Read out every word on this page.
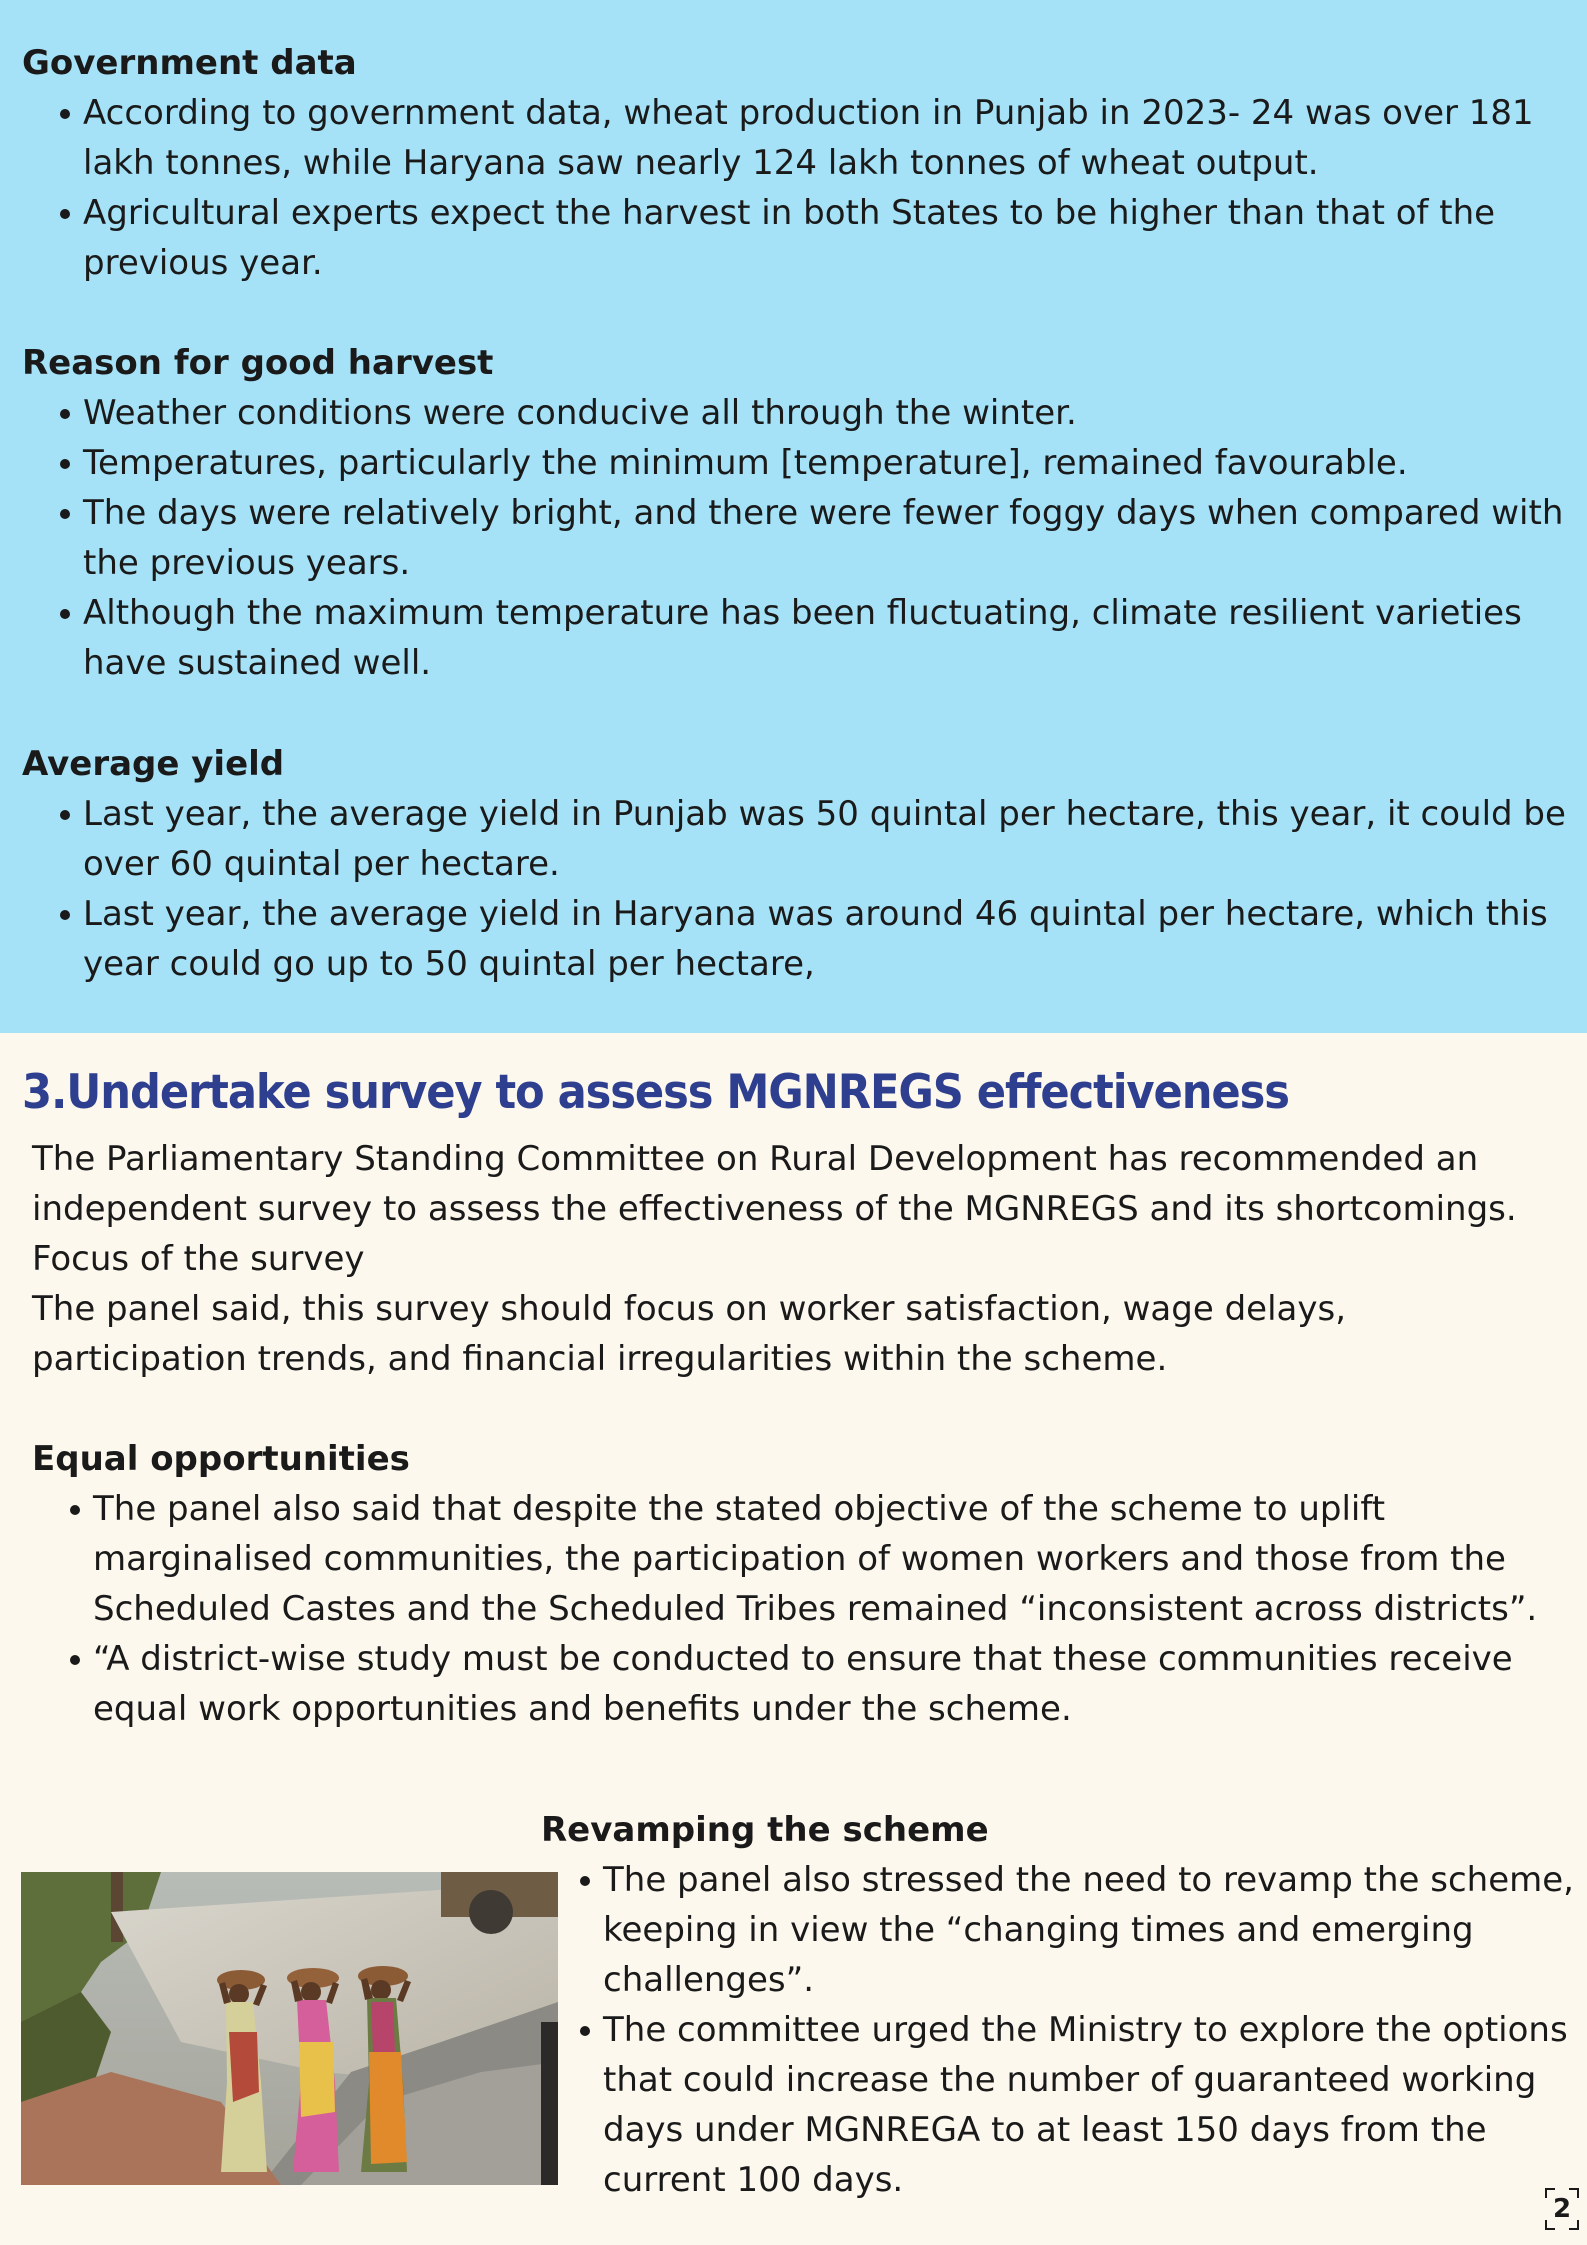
Government data
According to government data, wheat production in Punjab in 2023- 24 was over 181 lakh tonnes, while Haryana saw nearly 124 lakh tonnes of wheat output.
Agricultural experts expect the harvest in both States to be higher than that of the previous year.
Reason for good harvest
Weather conditions were conducive all through the winter.
Temperatures, particularly the minimum [temperature], remained favourable.
The days were relatively bright, and there were fewer foggy days when compared with the previous years.
Although the maximum temperature has been fluctuating, climate resilient varieties have sustained well.
Average yield
Last year, the average yield in Punjab was 50 quintal per hectare, this year, it could be over 60 quintal per hectare.
Last year, the average yield in Haryana was around 46 quintal per hectare, which this year could go up to 50 quintal per hectare,
3.Undertake survey to assess MGNREGS effectiveness

The Parliamentary Standing Committee on Rural Development has recommended an independent survey to assess the effectiveness of the MGNREGS and its shortcomings.

Focus of the survey

The panel said, this survey should focus on worker satisfaction, wage delays, participation trends, and financial irregularities within the scheme.

Equal opportunities
The panel also said that despite the stated objective of the scheme to uplift marginalised communities, the participation of women workers and those from the Scheduled Castes and the Scheduled Tribes remained “inconsistent across districts”.
“A district-wise study must be conducted to ensure that these communities receive equal work opportunities and benefits under the scheme.
Revamping the scheme
The panel also stressed the need to revamp the scheme, keeping in view the “changing times and emerging challenges”.
The committee urged the Ministry to explore the options that could increase the number of guaranteed working days under MGNREGA to at least 150 days from the current 100 days.
2
